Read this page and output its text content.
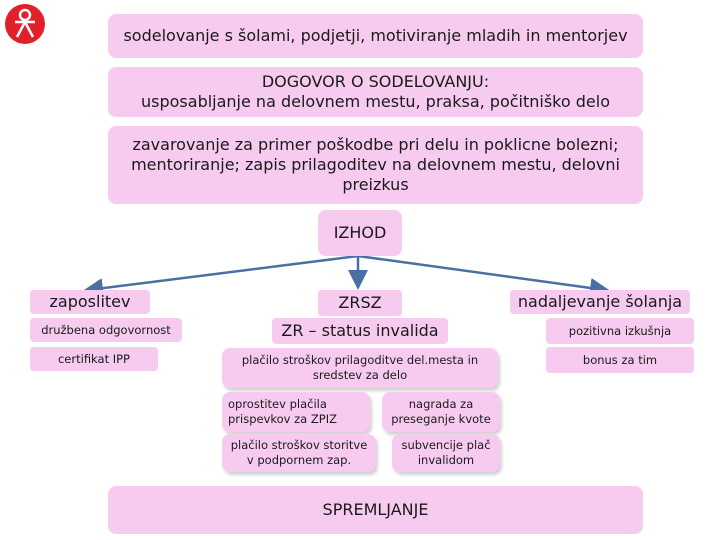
sodelovanje s šolami, podjetji, motiviranje mladih in mentorjev
DOGOVOR O SODELOVANJU:
usposabljanje na delovnem mestu, praksa, počitniško delo
zavarovanje za primer poškodbe pri delu in poklicne bolezni; mentoriranje; zapis prilagoditev na delovnem mestu, delovni preizkus
IZHOD
zaposlitev
družbena odgovornost
certifikat IPP
ZRSZ
ZR – status invalida
plačilo stroškov prilagoditve del.mesta in sredstev za delo
oprostitev plačila prispevkov za ZPIZ
nagrada za preseganje kvote
plačilo stroškov storitve v podpornem zap.
subvencije plač invalidom
nadaljevanje šolanja
pozitivna izkušnja
bonus za tim
SPREMLJANJE
